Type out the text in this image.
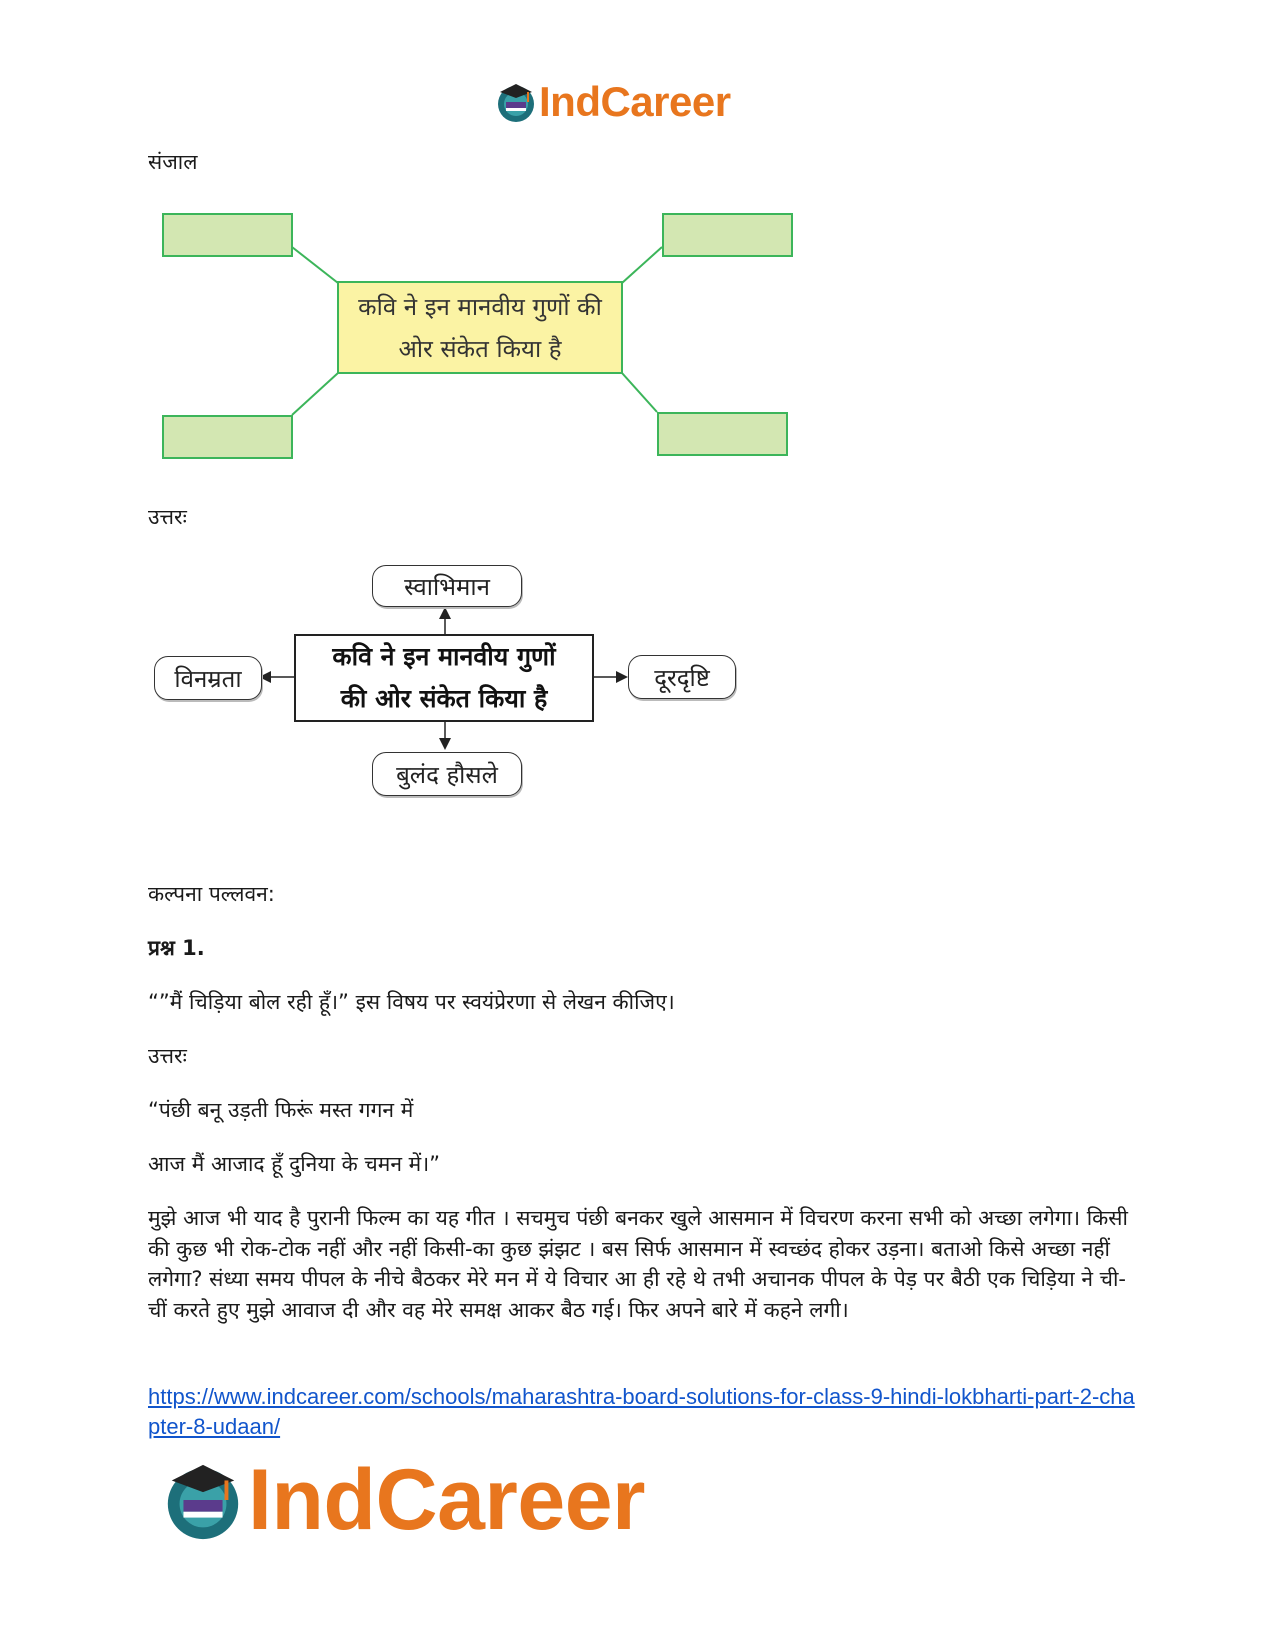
IndCareer
संजाल
कवि ने इन मानवीय गुणों की
ओर संकेत किया है
उत्तरः
कवि ने इन मानवीय गुणों
की ओर संकेत किया है
स्वाभिमान
विनम्रता	दूरदृष्टि
बुलंद हौसले
कल्पना पल्लवन:
प्रश्न 1.
“”मैं चिड़िया बोल रही हूँ।” इस विषय पर स्वयंप्रेरणा से लेखन कीजिए।
उत्तरः
“पंछी बनू उड़ती फिरूं मस्त गगन में
आज मैं आजाद हूँ दुनिया के चमन में।”
मुझे आज भी याद है पुरानी फिल्म का यह गीत । सचमुच पंछी बनकर खुले आसमान में विचरण करना सभी को अच्छा लगेगा। किसी की कुछ भी रोक-टोक नहीं और नहीं किसी-का कुछ झंझट । बस सिर्फ आसमान में स्वच्छंद होकर उड़ना। बताओ किसे अच्छा नहीं लगेगा? संध्या समय पीपल के नीचे बैठकर मेरे मन में ये विचार आ ही रहे थे तभी अचानक पीपल के पेड़ पर बैठी एक चिड़िया ने ची-चीं करते हुए मुझे आवाज दी और वह मेरे समक्ष आकर बैठ गई। फिर अपने बारे में कहने लगी।
https://www.indcareer.com/schools/maharashtra-board-solutions-for-class-9-hindi-lokbharti-part-2-chapter-8-udaan/
IndCareer
